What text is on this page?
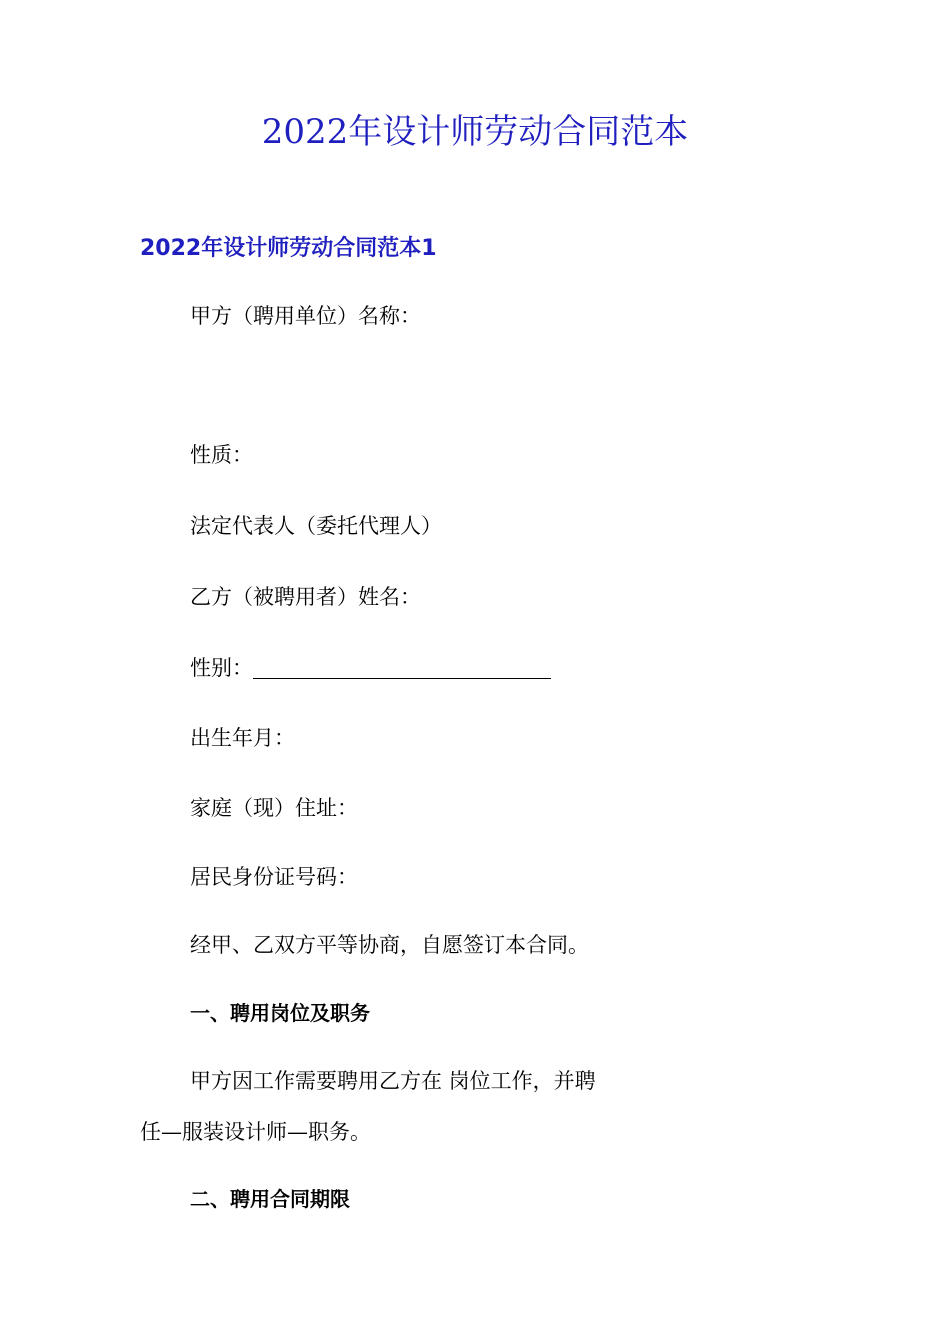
2022年设计师劳动合同范本
2022年设计师劳动合同范本1

甲方（聘用单位）名称：

性质：

法定代表人（委托代理人）

乙方（被聘用者）姓名：

性别：

出生年月：

家庭（现）住址：

居民身份证号码：

经甲、乙双方平等协商，自愿签订本合同。

一、聘用岗位及职务

甲方因工作需要聘用乙方在 岗位工作，并聘

任—服装设计师—职务。

二、聘用合同期限
